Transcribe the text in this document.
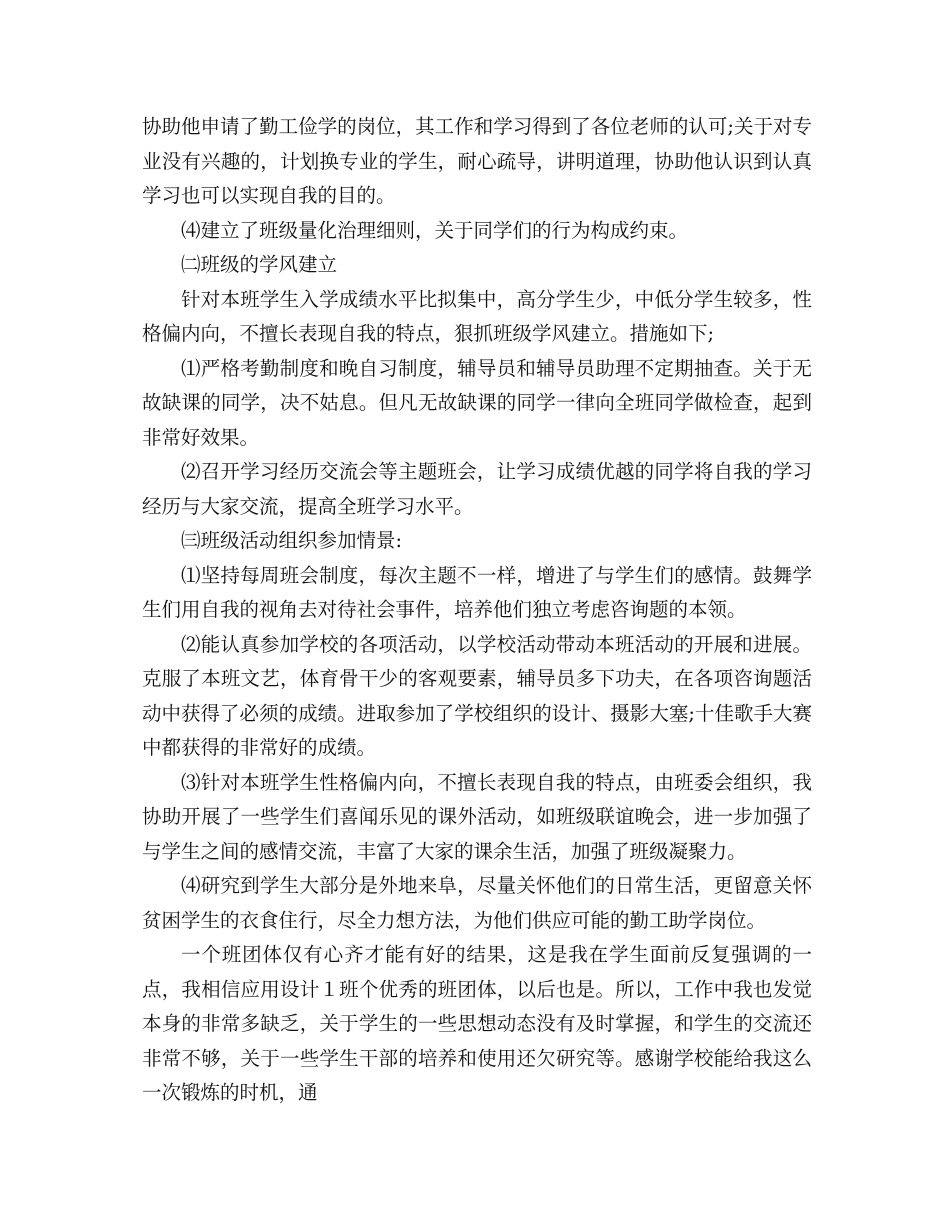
协助他申请了勤工俭学的岗位，其工作和学习得到了各位老师的认可;关于对专业没有兴趣的，计划换专业的学生，耐心疏导，讲明道理，协助他认识到认真学习也可以实现自我的目的。

⑷建立了班级量化治理细则，关于同学们的行为构成约束。

㈡班级的学风建立

针对本班学生入学成绩水平比拟集中，高分学生少，中低分学生较多，性格偏内向，不擅长表现自我的特点，狠抓班级学风建立。措施如下;

⑴严格考勤制度和晚自习制度，辅导员和辅导员助理不定期抽查。关于无故缺课的同学，决不姑息。但凡无故缺课的同学一律向全班同学做检查，起到非常好效果。

⑵召开学习经历交流会等主题班会，让学习成绩优越的同学将自我的学习经历与大家交流，提高全班学习水平。

㈢班级活动组织参加情景:

⑴坚持每周班会制度，每次主题不一样，增进了与学生们的感情。鼓舞学生们用自我的视角去对待社会事件，培养他们独立考虑咨询题的本领。

⑵能认真参加学校的各项活动，以学校活动带动本班活动的开展和进展。克服了本班文艺，体育骨干少的客观要素，辅导员多下功夫，在各项咨询题活动中获得了必须的成绩。进取参加了学校组织的设计、摄影大塞;十佳歌手大赛中都获得的非常好的成绩。

⑶针对本班学生性格偏内向，不擅长表现自我的特点，由班委会组织，我协助开展了一些学生们喜闻乐见的课外活动，如班级联谊晚会，进一步加强了与学生之间的感情交流，丰富了大家的课余生活，加强了班级凝聚力。

⑷研究到学生大部分是外地来阜，尽量关怀他们的日常生活，更留意关怀贫困学生的衣食住行，尽全力想方法，为他们供应可能的勤工助学岗位。

一个班团体仅有心齐才能有好的结果，这是我在学生面前反复强调的一点，我相信应用设计１班个优秀的班团体，以后也是。所以，工作中我也发觉本身的非常多缺乏，关于学生的一些思想动态没有及时掌握，和学生的交流还非常不够，关于一些学生干部的培养和使用还欠研究等。感谢学校能给我这么一次锻炼的时机，通
